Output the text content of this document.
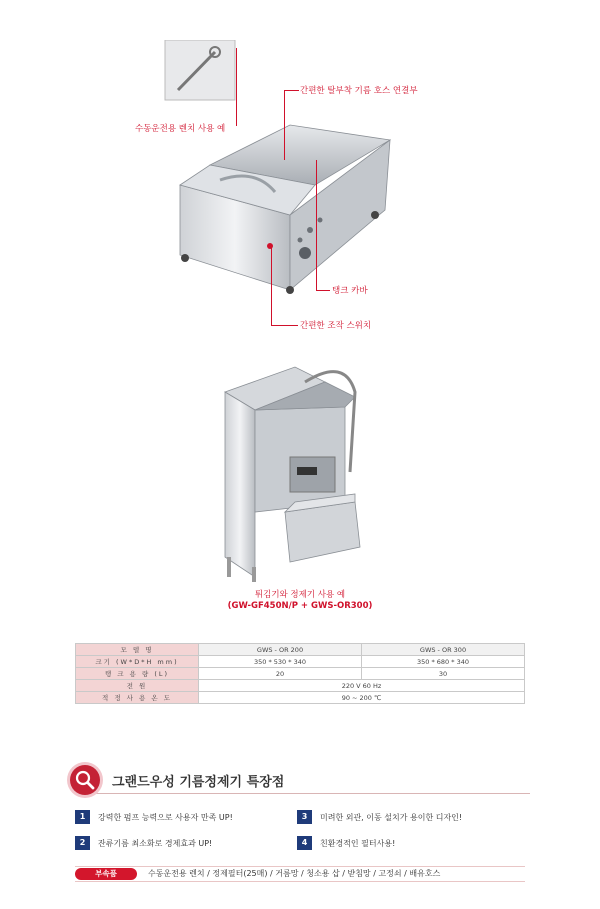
간편한 탈부착 기름 호스 연결부
수동운전용 렌치 사용 예
탱크 카바
간편한 조작 스위치
튀김기와 정제기 사용 예
(GW-GF450N/P + GWS-OR300)
모 델 명	GWS - OR 200	GWS - OR 300
크기 (W*D*H mm)	350 * 530 * 340	350 * 680 * 340
탱 크 용 량 (L)	20	30
전 원	220 V 60 Hz	
적 정 사 용 온 도	90 ~ 200 ℃	
그랜드우성 기름정제기 특장점
1	강력한 펌프 능력으로 사용자 만족 UP!
2	잔류기름 최소화로 경제효과 UP!
3	미려한 외관, 이동 설치가 용이한 디자인!
4	친환경적인 필터사용!
부속품	수동운전용 렌치 / 정제필터(25매) / 거름망 / 청소용 삽 / 받침망 / 고정쇠 / 배유호스
